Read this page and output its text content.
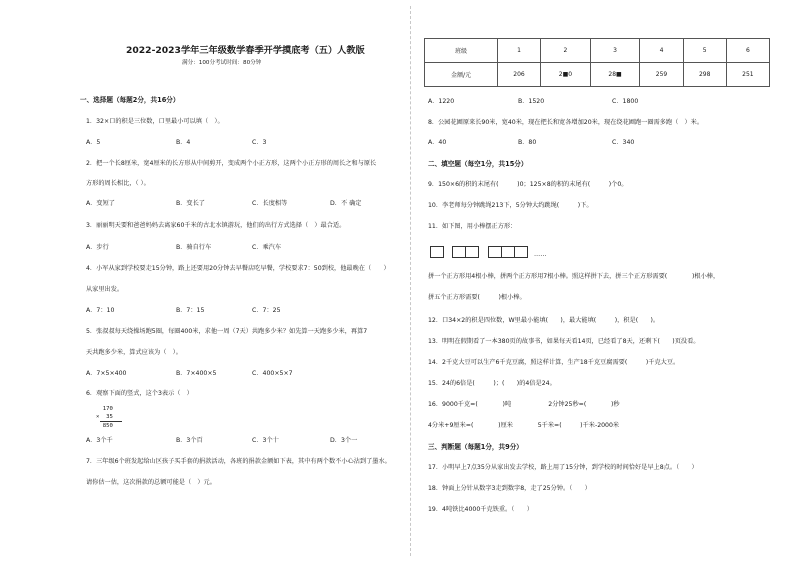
2022-2023学年三年级数学春季开学摸底考（五）人教版
满分：100分考试时间：80分钟
一、选择题（每题2分，共16分）
1．32×口的积是三位数，口里最小可以填（　）。
A．5	B．4	C．3
2．把一个长8厘米，宽4厘米的长方形从中间剪开，变成两个小正方形，这两个小正方形的周长之和与原长
方形的周长相比，（ ）。
A．变短了	B．变长了	C．长度相等	D．不 确定
3．丽丽明天要和爸爸妈妈去离家60千米的古北水镇游玩，他们的出行方式选择（　）最合适。
A．步行	B．骑自行车	C．乘汽车
4．小军从家到学校要走15分钟，路上还要用20分钟去早餐店吃早餐，学校要求7：50到校，他最晚在（　　）
从家里出发。
A．7：10	B．7：15	C．7：25
5．张叔叔每天绕操场跑5圈，每圈400米，求他一周（7天）共跑多少米？如先算一天跑多少米，再算7
天共跑多少米，算式应该为（　）。
A．7×5×400	B．7×400×5	C．400×5×7
6．观察下面的竖式，这个3表示（　）
170
×  35
850
A．3个千	B．3个百	C．3个十	D．3个一
7．三年级6个班发起给山区孩子买手套的捐款活动，各班的捐款金额如下表，其中有两个数不小心沾到了墨水。
请你估一估，这次捐款的总额可能是（　）元。
班级	1	2	3	4	5	6
金额/元	206	2■0	28■	259	298	251
A．1220	B．1520	C．1800
8．公园花圃原来长90米，宽40米，现在把长和宽各增加20米，现在绕花圃跑一圈需多跑（　）米。
A．40	B．80	C．340
二、填空题（每空1分，共15分）
9．150×6的积的末尾有(　　　)0；125×8的积的末尾有(　　　)个0。
10．李老师每分钟跳绳213下，5分钟大约跳绳(　　　)下。
11．如下图，用小棒摆正方形：
……
拼一个正方形用4根小棒，拼两个正方形用7根小棒。照这样拼下去，拼三个正方形需要(　　　　)根小棒，
拼五个正方形需要(　　　)根小棒。
12．口34×2的积是四位数，W里最小能填(　　)，最大能填(　　　)，积是(　　)。
13．明明在假期看了一本380页的故事书，如果每天看14页，已经看了8天，还剩下(　　)页没看。
14．2千克大豆可以生产6千克豆腐，照这样计算，生产18千克豆腐需要(　　　)千克大豆。
15．24的6倍是(　　　)；(　　)的4倍是24。
16．9000千克=(　　　　)吨　　　　　　2分钟25秒=(　　　　)秒
4分米+9厘米=(　　　　)厘米　　　　5千米=(　　　)千米-2000米
三、判断题（每题1分，共9分）
17．小明早上7点35分从家出发去学校，路上用了15分钟，到学校的时间恰好是早上8点。（　　）
18．钟面上分针从数字3走到数字8，走了25分钟。（　　）
19．4吨铁比4000千克铁重。（　　）
